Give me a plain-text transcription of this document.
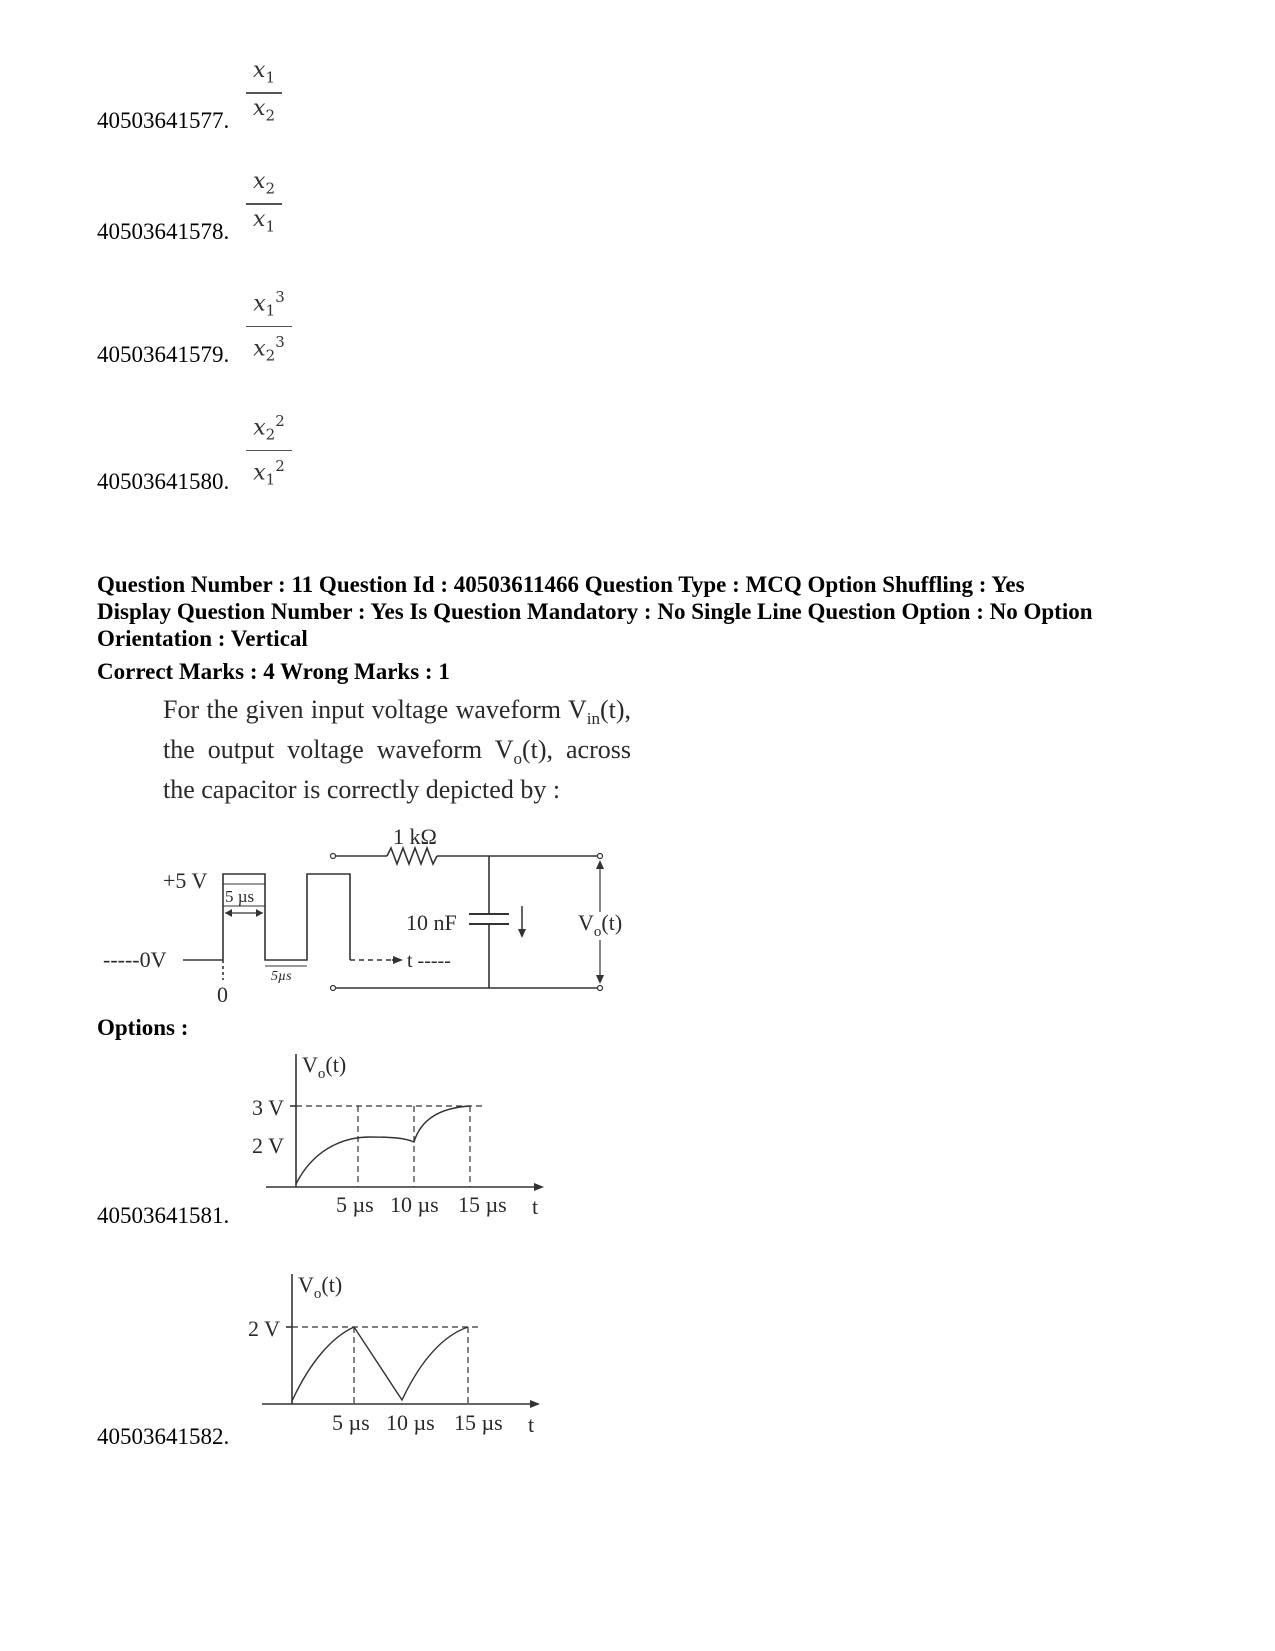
40503641577.
$x_1$
$x_2$
40503641578.
$x_2$
$x_1$
40503641579.
$x_1^3$
$x_2^3$
40503641580.
$x_2^2$
$x_1^2$
Question Number : 11 Question Id : 40503611466 Question Type : MCQ Option Shuffling : Yes
Display Question Number : Yes Is Question Mandatory : No Single Line Question Option : No Option
Orientation : Vertical
Correct Marks : 4 Wrong Marks : 1
For the given input voltage waveform $V_{in}(t)$, the output voltage waveform $V_o(t)$, across the capacitor is correctly depicted by :
+5 V
-----0V
0
5 µs
5µs
t -----
1 kΩ
10 nF	$V_o(t)$
Options :
40503641581.
$V_o(t)$
3 V
2 V
5 µs 10 µs 15 µs t
40503641582.
$V_o(t)$
2 V
5 µs 10 µs 15 µs t
